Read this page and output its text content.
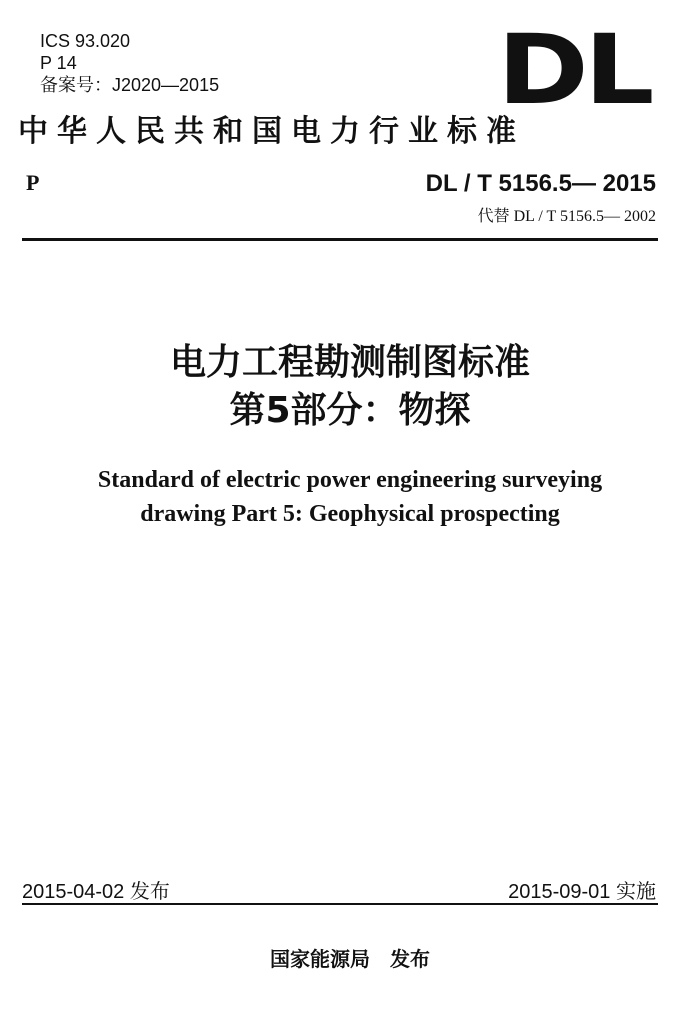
ICS 93.020
P 14
备案号：J2020—2015	DL
中华人民共和国电力行业标准
P	DL / T 5156.5— 2015
代替 DL / T 5156.5— 2002
电力工程勘测制图标准
第5部分：物探
Standard of electric power engineering surveying
drawing Part 5: Geophysical prospecting
2015-04-02 发布	2015-09-01 实施
国家能源局　发布
